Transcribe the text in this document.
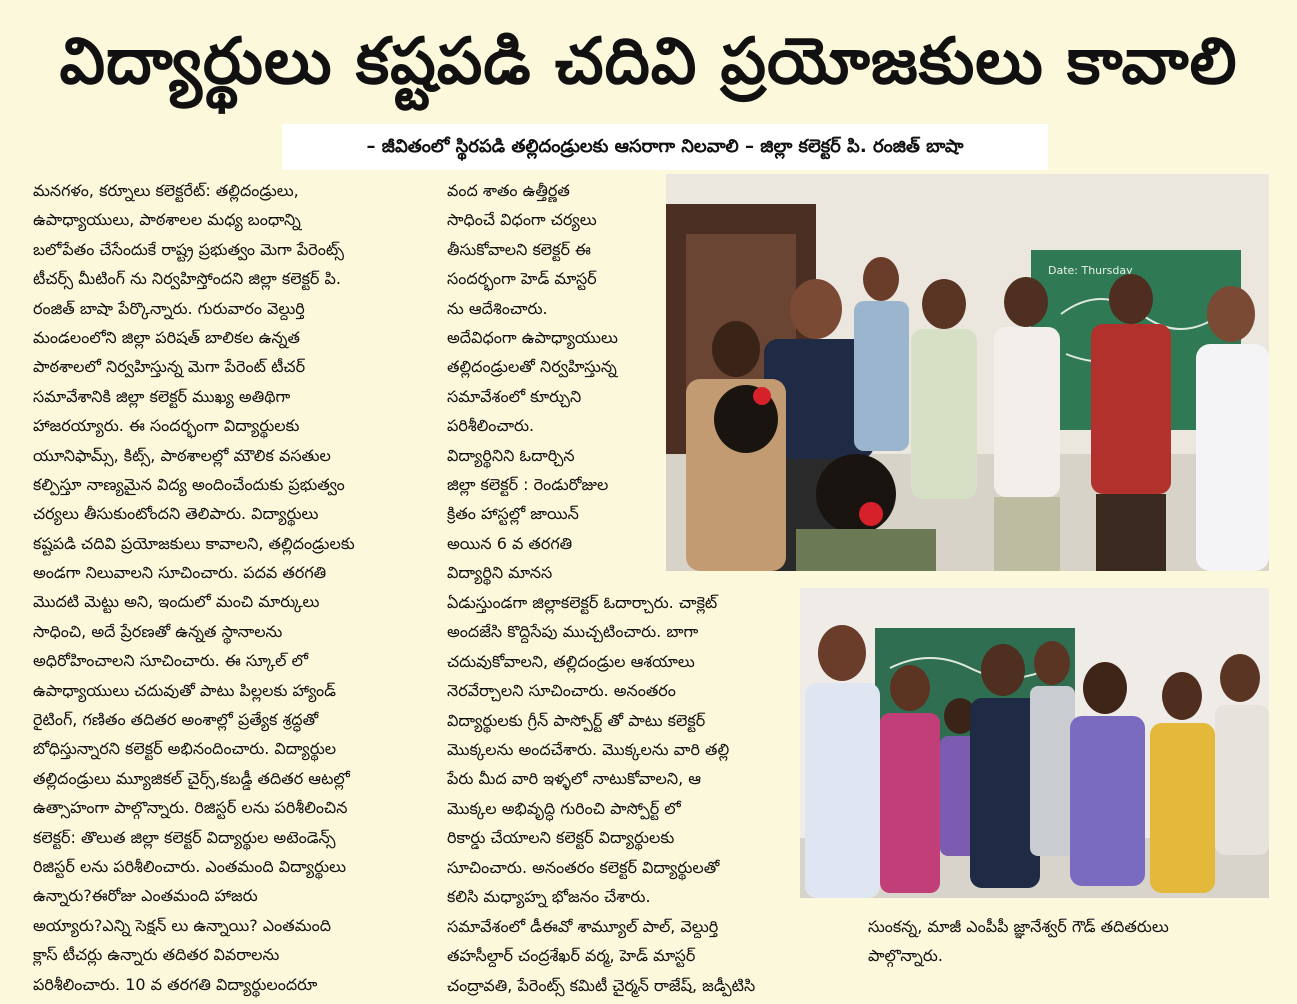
విద్యార్థులు కష్టపడి చదివి ప్రయోజకులు కావాలి
– జీవితంలో స్థిరపడి తల్లిదండ్రులకు ఆసరాగా నిలవాలి – జిల్లా కలెక్టర్ పి. రంజిత్ బాషా
మనగళం, కర్నూలు కలెక్టరేట్: తల్లిదండ్రులు,
ఉపాధ్యాయులు, పాఠశాలల మధ్య బంధాన్ని
బలోపేతం చేసేందుకే రాష్ట్ర ప్రభుత్వం మెగా పేరెంట్స్
టీచర్స్ మీటింగ్ ను నిర్వహిస్తోందని జిల్లా కలెక్టర్ పి.
రంజిత్ బాషా పేర్కొన్నారు. గురువారం వెల్దుర్తి
మండలంలోని జిల్లా పరిషత్ బాలికల ఉన్నత
పాఠశాలలో నిర్వహిస్తున్న మెగా పేరెంట్ టీచర్
సమావేశానికి జిల్లా కలెక్టర్ ముఖ్య అతిథిగా
హాజరయ్యారు. ఈ సందర్భంగా విద్యార్థులకు
యూనిఫామ్స్, కిట్స్, పాఠశాలల్లో మౌలిక వసతుల
కల్పిస్తూ నాణ్యమైన విద్య అందించేందుకు ప్రభుత్వం
చర్యలు తీసుకుంటోందని తెలిపారు. విద్యార్థులు
కష్టపడి చదివి ప్రయోజకులు కావాలని, తల్లిదండ్రులకు
అండగా నిలువాలని సూచించారు. పదవ తరగతి
మొదటి మెట్టు అని, ఇందులో మంచి మార్కులు
సాధించి, అదే ప్రేరణతో ఉన్నత స్థానాలను
అధిరోహించాలని సూచించారు. ఈ స్కూల్ లో
ఉపాధ్యాయులు చదువుతో పాటు పిల్లలకు హ్యాండ్
రైటింగ్, గణితం తదితర అంశాల్లో ప్రత్యేక శ్రద్ధతో
బోధిస్తున్నారని కలెక్టర్ అభినందించారు. విద్యార్థుల
తల్లిదండ్రులు మ్యూజికల్ చైర్స్,కబడ్డీ తదితర ఆటల్లో
ఉత్సాహంగా పాల్గొన్నారు. రిజిస్టర్ లను పరిశీలించిన
కలెక్టర్: తొలుత జిల్లా కలెక్టర్ విద్యార్థుల అటెండెన్స్
రిజిస్టర్ లను పరిశీలించారు. ఎంతమంది విద్యార్థులు
ఉన్నారు?ఈరోజు ఎంతమంది హాజరు
అయ్యారు?ఎన్ని సెక్షన్ లు ఉన్నాయి? ఎంతమంది
క్లాస్ టీచర్లు ఉన్నారు తదితర వివరాలను
పరిశీలించారు. 10 వ తరగతి విద్యార్థులందరూ
వంద శాతం ఉత్తీర్ణత
సాధించే విధంగా చర్యలు
తీసుకోవాలని కలెక్టర్ ఈ
సందర్భంగా హెడ్ మాస్టర్
ను ఆదేశించారు.
అదేవిధంగా ఉపాధ్యాయులు
తల్లిదండ్రులతో నిర్వహిస్తున్న
సమావేశంలో కూర్చుని
పరిశీలించారు.
విద్యార్థినిని ఓదార్చిన
జిల్లా కలెక్టర్ : రెండురోజుల
క్రితం హాస్టల్లో జాయిన్
అయిన 6 వ తరగతి
విద్యార్థిని మానస
ఏడుస్తుండగా జిల్లాకలెక్టర్ ఓదార్చారు. చాక్లెట్
అందజేసి కొద్దిసేపు ముచ్చటించారు. బాగా
చదువుకోవాలని, తల్లిదండ్రుల ఆశయాలు
నెరవేర్చాలని సూచించారు. అనంతరం
విద్యార్థులకు గ్రీన్ పాస్పోర్ట్ తో పాటు కలెక్టర్
మొక్కలను అందచేశారు. మొక్కలను వారి తల్లి
పేరు మీద వారి ఇళ్ళలో నాటుకోవాలని, ఆ
మొక్కల అభివృద్ధి గురించి పాస్పోర్ట్ లో
రికార్డు చేయాలని కలెక్టర్ విద్యార్థులకు
సూచించారు. అనంతరం కలెక్టర్ విద్యార్థులతో
కలిసి మధ్యాహ్న భోజనం చేశారు.
సమావేశంలో డీఈవో శామ్యూల్ పాల్, వెల్దుర్తి
తహసీల్దార్ చంద్రశేఖర్ వర్మ, హెడ్ మాస్టర్
చంద్రావతి, పేరెంట్స్ కమిటీ చైర్మన్ రాజేష్, జడ్పీటిసి
సుంకన్న, మాజీ ఎంపీపీ జ్ఞానేశ్వర్ గౌడ్ తదితరులు
పాల్గొన్నారు.
Date: Thursday
